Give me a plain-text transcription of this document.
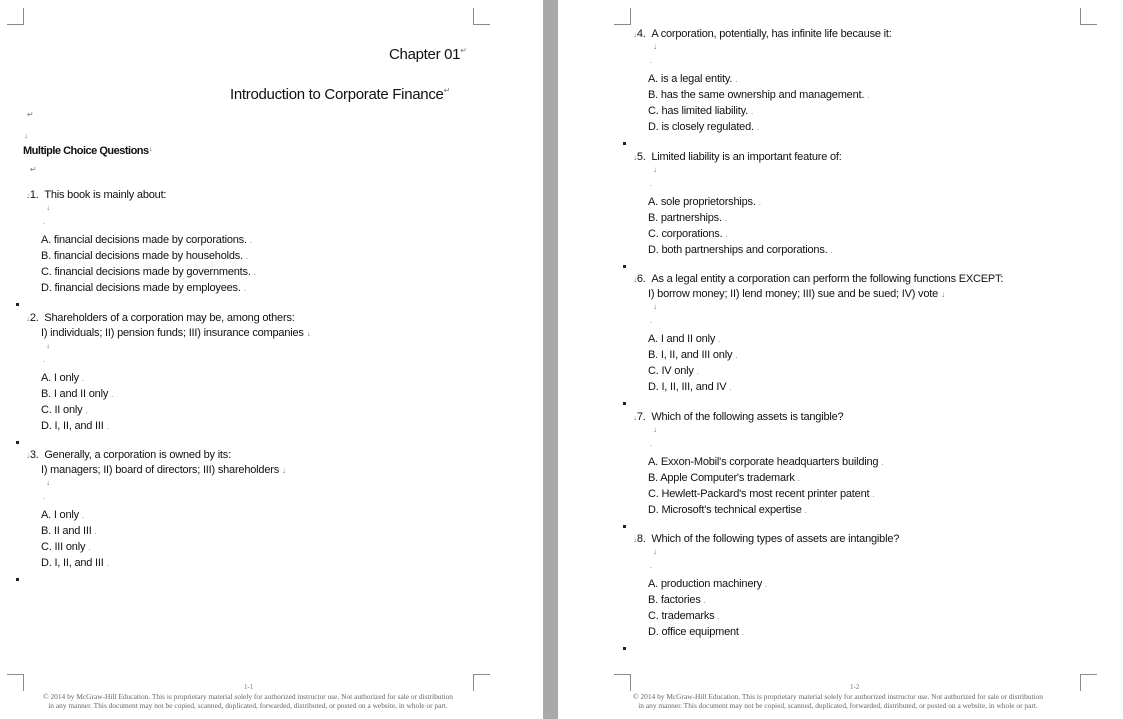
Chapter 01 ↵
Introduction to Corporate Finance ↵
↵
↓
Multiple Choice Questions ↓
↵
↓1. This book is mainly about:
↓
.
A. financial decisions made by corporations. .
B. financial decisions made by households. .
C. financial decisions made by governments. .
D. financial decisions made by employees. .
↓2. Shareholders of a corporation may be, among others:
I) individuals; II) pension funds; III) insurance companies ↓
↓
.
A. I only .
B. I and II only .
C. II only .
D. I, II, and III .
↓3. Generally, a corporation is owned by its:
I) managers; II) board of directors; III) shareholders ↓
↓
.
A. I only .
B. II and III .
C. III only .
D. I, II, and III .
1-1
© 2014 by McGraw-Hill Education. This is proprietary material solely for authorized instructor use. Not authorized for sale or distribution
in any manner. This document may not be copied, scanned, duplicated, forwarded, distributed, or posted on a website, in whole or part.
↓4. A corporation, potentially, has infinite life because it:
↓
.
A. is a legal entity. .
B. has the same ownership and management. .
C. has limited liability. .
D. is closely regulated. .
↓5. Limited liability is an important feature of:
↓
.
A. sole proprietorships. .
B. partnerships. .
C. corporations. .
D. both partnerships and corporations. .
↓6. As a legal entity a corporation can perform the following functions EXCEPT:
I) borrow money; II) lend money; III) sue and be sued; IV) vote ↓
↓
.
A. I and II only .
B. I, II, and III only .
C. IV only .
D. I, II, III, and IV .
↓7. Which of the following assets is tangible?
↓
.
A. Exxon-Mobil's corporate headquarters building .
B. Apple Computer's trademark .
C. Hewlett-Packard's most recent printer patent .
D. Microsoft's technical expertise .
↓8. Which of the following types of assets are intangible?
↓
.
A. production machinery .
B. factories .
C. trademarks .
D. office equipment .
1-2
© 2014 by McGraw-Hill Education. This is proprietary material solely for authorized instructor use. Not authorized for sale or distribution
in any manner. This document may not be copied, scanned, duplicated, forwarded, distributed, or posted on a website, in whole or part.
